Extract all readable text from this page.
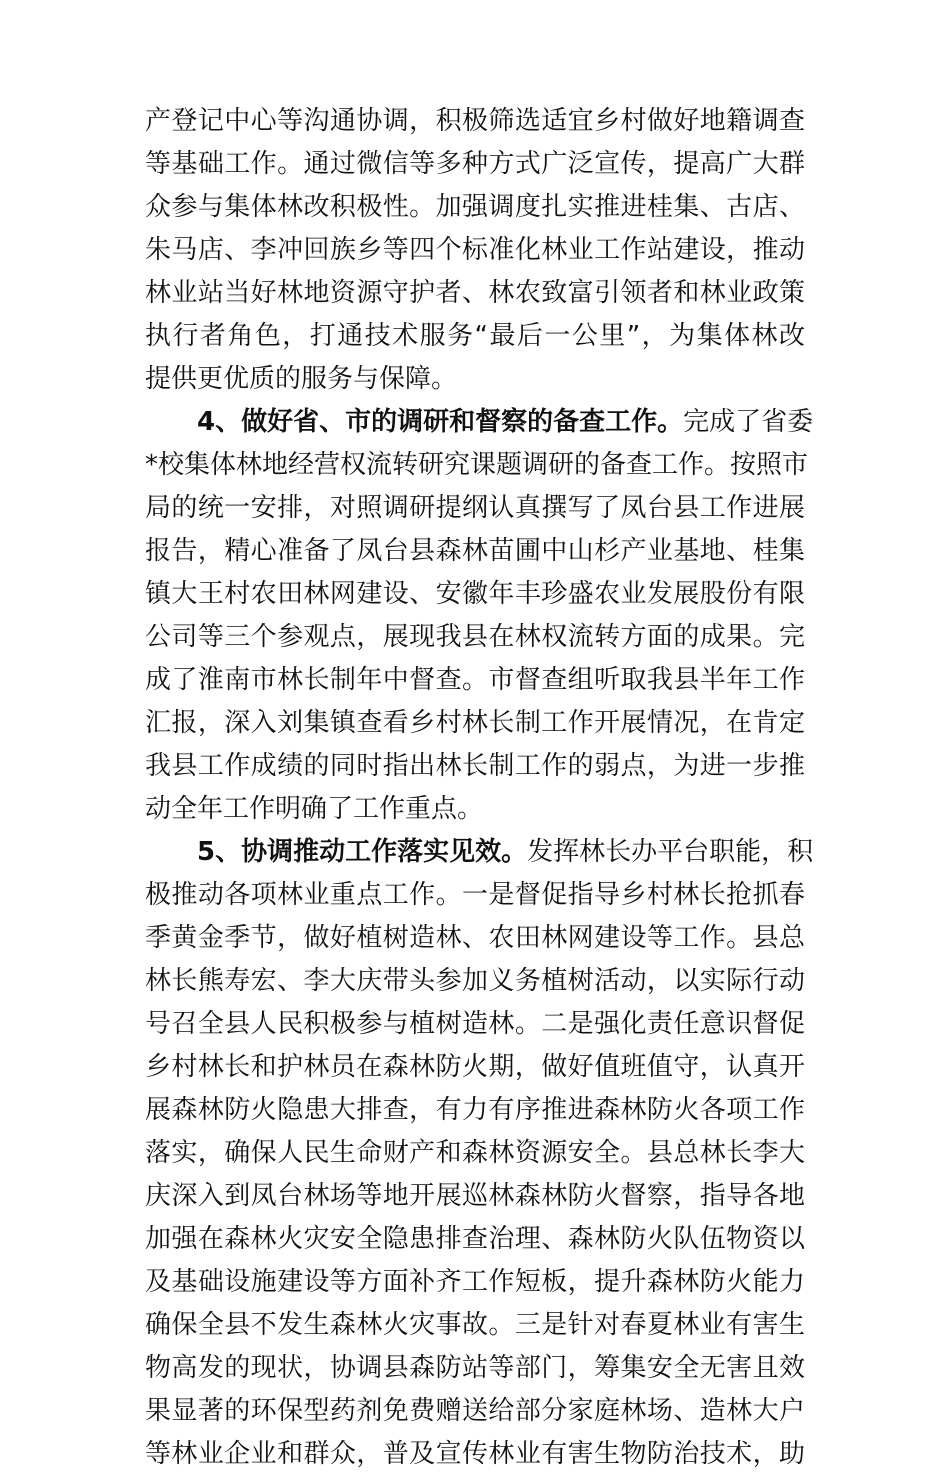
产登记中心等沟通协调，积极筛选适宜乡村做好地籍调查
等基础工作。通过微信等多种方式广泛宣传，提高广大群
众参与集体林改积极性。加强调度扎实推进桂集、古店、
朱马店、李冲回族乡等四个标准化林业工作站建设，推动
林业站当好林地资源守护者、林农致富引领者和林业政策
执行者角色，打通技术服务“最后一公里”，为集体林改
提供更优质的服务与保障。
4、做好省、市的调研和督察的备查工作。完成了省委
*校集体林地经营权流转研究课题调研的备查工作。按照市
局的统一安排，对照调研提纲认真撰写了凤台县工作进展
报告，精心准备了凤台县森林苗圃中山杉产业基地、桂集
镇大王村农田林网建设、安徽年丰珍盛农业发展股份有限
公司等三个参观点，展现我县在林权流转方面的成果。完
成了淮南市林长制年中督查。市督查组听取我县半年工作
汇报，深入刘集镇查看乡村林长制工作开展情况，在肯定
我县工作成绩的同时指出林长制工作的弱点，为进一步推
动全年工作明确了工作重点。
5、协调推动工作落实见效。发挥林长办平台职能，积
极推动各项林业重点工作。一是督促指导乡村林长抢抓春
季黄金季节，做好植树造林、农田林网建设等工作。县总
林长熊寿宏、李大庆带头参加义务植树活动，以实际行动
号召全县人民积极参与植树造林。二是强化责任意识督促
乡村林长和护林员在森林防火期，做好值班值守，认真开
展森林防火隐患大排查，有力有序推进森林防火各项工作
落实，确保人民生命财产和森林资源安全。县总林长李大
庆深入到凤台林场等地开展巡林森林防火督察，指导各地
加强在森林火灾安全隐患排查治理、森林防火队伍物资以
及基础设施建设等方面补齐工作短板，提升森林防火能力
确保全县不发生森林火灾事故。三是针对春夏林业有害生
物高发的现状，协调县森防站等部门，筹集安全无害且效
果显著的环保型药剂免费赠送给部分家庭林场、造林大户
等林业企业和群众，普及宣传林业有害生物防治技术，助
